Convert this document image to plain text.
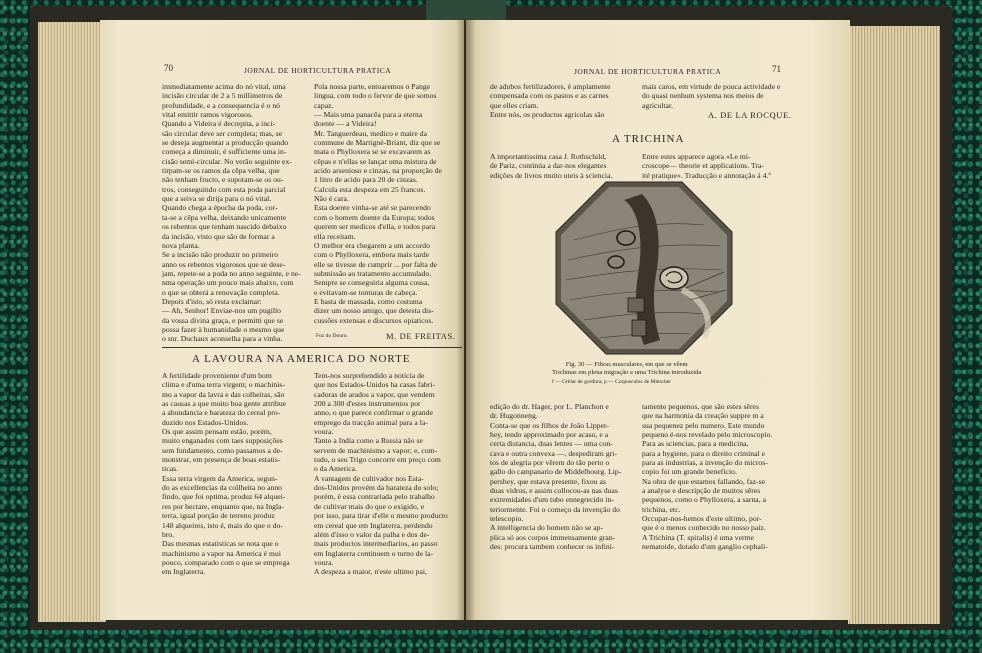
70	JORNAL DE HORTICULTURA PRATICA

immediatamente acima do nó vital, uma

incisão circular de 2 a 5 millimetros de

profundidade, e a consequencia é o nó

vital emittir ramos vigorosos.

Quando a Videira é decrepita, a inci-

são circular deve ser completa; mas, se

se deseja augmentar a producção quando

começa a diminuir, é sufficiente uma in-

cisão semi-circular. No verão seguinte ex-

tirpam-se os ramos da cêpa velha, que

não tenham fructo, e supotam-se os ou-

tros, conseguindo com esta poda parcial

que a seiva se dirija para o nó vital.

Quando chega a épocha da poda, cor-

ta-se a cêpa velha, deixando unicamente

os rebentos que tenham nascido debaixo

da incisão, visto que são de formar a

nova planta.

Se a incisão não produzir no primeiro

anno os rebentos vigorosos que se dese-

jam, repete-se a poda no anno seguinte, e ne-

nma operação um pouco mais abaixo, com

o que se obterá a renovação completa.

Depois d'isto, só resta exclamar:

— Ah, Senhor! Enviae-nos um pugillo

da vossa divina graça, e permitti que se

possa fazer à humanidade o mesmo que

o snr. Duchaux aconselha para a vinha.

Pola nossa parte, entoaremos o Pange

lingua, com todo o fervor de que somos

capaz.

— Mais uma panacêa para a eterna

doente — a Videira!

Mr. Tanguerdeau, medico e maire da

commune de Martigné-Briant, diz que se

mata o Phylloxera se se excavarem as

cêpas e n'ellas se lançar uma mistura de

acido arsenioso e cinzas, na proporção de

1 litro de acido para 20 de cinzas.

Calcula esta despeza em 25 francos.

Não é cara.

Esta doente vinha-se até se parecendo

com o homem doente da Europa; todos

querem ser medicos d'ella, e todos para

ella receitam.

O melhor era chegarem a um accordo

com o Phylloxera, embora mais tarde

elle se tivesse de cumprir ... por falta de

submissão ao tratamento accumulado.

Sempre se conseguiria alguma cousa,

e evitavam-se tonturas de cabeça.

E basta de massada, como costuma

dizer um nosso amigo, que detesta dis-

cussões extensas e discursos opiaticos.

Foz do Douro.	M. DE FREITAS.
A LAVOURA NA AMERICA DO NORTE

A fertilidade proveniente d'um bom

clima e d'uma terra virgem; o machinis-

mo a vapor da lavra e das colheitas, são

as causas a que muito boa gente attribue

a abundancia e barateza do cereal pro-

duzido nos Estados-Unidos.

Os que assim pensam estão, porém,

muito enganados com taes supposições

sem fundamento, como passamos a de-

monstrar, em presença de boas estatis-

ticas.

Essa terra virgem da America, segun-

do as excellencias da collheita no anno

findo, que foi optima, produz 64 alquei-

res por hectare, enquanto que, na Ingla-

terra, igual porção de terreno produz

148 alqueires, isto é, mais do que o do-

bro.

Das mesmas estatisticas se nota que o

machinismo a vapor na America é mui

pouco, comparado com o que se emprega

em Inglaterra.

Tem-nos surprehendido a noticia de

que nos Estados-Unidos ha casas fabri-

cadoras de arados a vapor, que vendem

200 a 300 d'estes instrumentos por

anno, o que parece confirmar o grande

emprego da tracção animal para a la-

voura.

Tanto a India como a Russia não se

servem de machinismo a vapor; e, com-

tudo, o seu Trigo concorre em preço com

o da America.

A vantagem de cultivador nos Esta-

dos-Unidos provém da barateza do solo;

porém, é essa contrariada pelo trabalho

de cultivar mais do que o exigido, e

por isso, para tirar d'elle o mesmo producto

em cereal que em Inglaterra, perdendo

além d'isso o valor da palha e dos de-

mais productos intermediarios, ao passo

em Inglaterra continuem o turno de la-

voura.

A despeza a maior, n'este ultimo pai,

JORNAL DE HORTICULTURA PRATICA	71

de adubos fertilizadores, é amplamente

compensada com os pastos e as carnes

que elles criam.

Entre nós, os productos agricolas são

mais caros, em virtude de pouca actividade e

do quasi nenhum systema nos meios de

agricultar.

A. DE LA ROCQUE.
A TRICHINA

A importantissima casa J. Rothschild,

de Pariz, continúa a dar-nos elegantes

edições de livros muito uteis à sciencia.

Entre estes apparece agora «Le mi-

croscope— theorie et applications. Tra-

ité pratique». Traducção e annotação á 4.ª

Fig. 30 — Fibras musculares, em que se vêem
Trichinas em plena migração e uma Trichina introduzida
f — Grêlar de gordura; p — Corpusculos de Miescher

edição do dr. Hager, por L. Planchon e

dr. Hugonneng.

Conta-se que os filhos de João Lipper-

hey, tendo approximado por acaso, e a

certa distancia, duas lentes — uma con-

cava e outra convexa —, despediram gri-

tos de alegria por vêrem do tão perto o

gallo do campanario de Middelbourg. Lip-

pershey, que estava presente, fixou as

duas vidros, e assim collocou-as nas duas

extremidades d'um tubo ennegrecido in-

teriormente. Foi o começo da invenção do

telescopio.

A intelligencia do homem não se ap-

plica só aos corpos immensamente gran-

des: procura tambem conhecer os infini-

tamente pequenos, que são estes sêres

que na harmonia da creação suppre m a

sua pequenez pelo numero. Este mundo

pequeno é-nos revelado pelo microscopio.

Para as sciencias, para a medicina,

para a hygiene, para o direito criminal e

para as industrias, a invenção do micros-

copio foi um grande beneficio.

Na obra de que estamos fallando, faz-se

a analyse e descripção de muitos sêres

pequenos, como o Phylloxera, a sarna, a

trichina, etc.

Occupar-nos-hemos d'este ultimo, por-

que é o menos conhecido no nosso paiz.

A Trichina (T. spiralis) é uma verme

nematoide, dotado d'um ganglio cephali-
